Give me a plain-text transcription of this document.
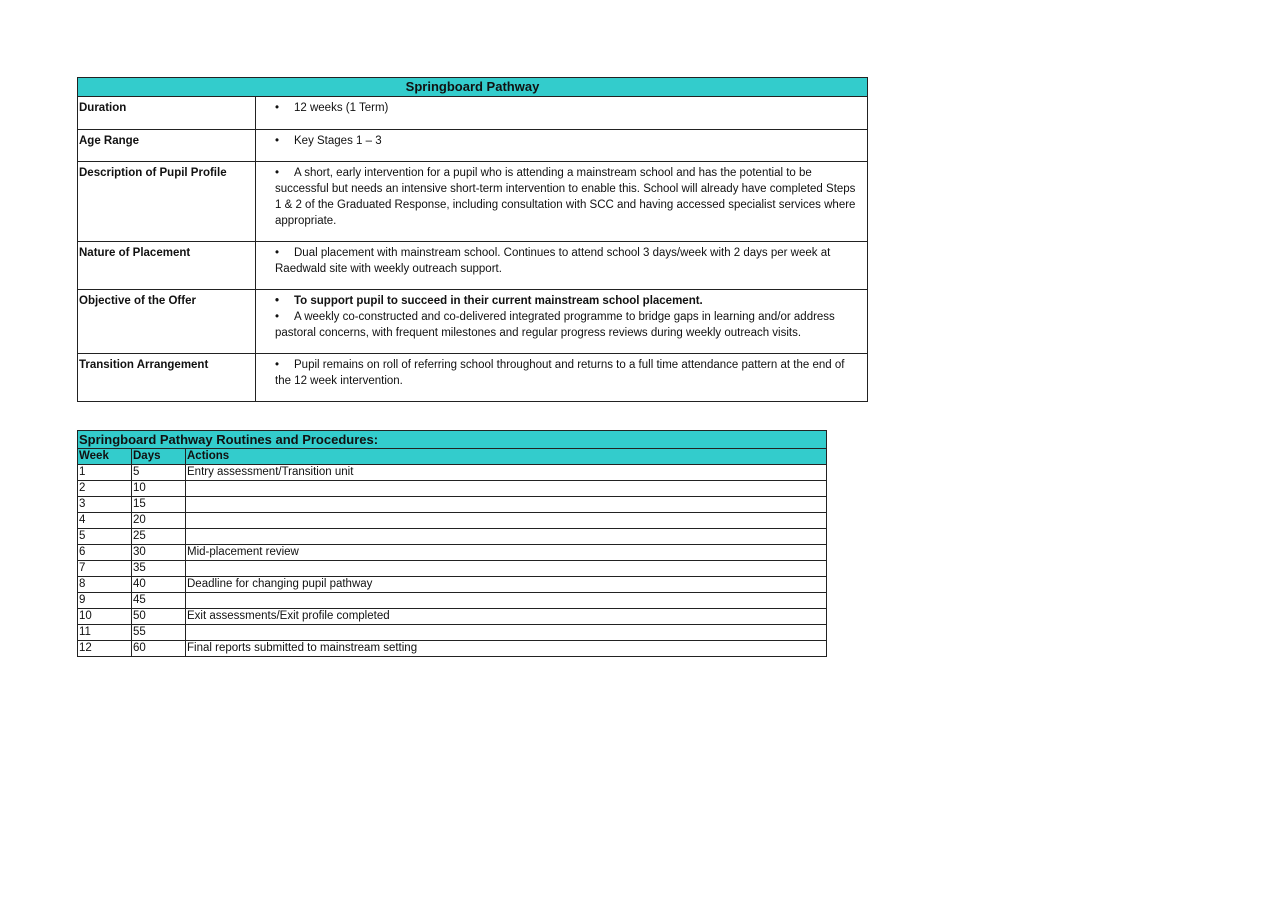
Springboard Pathway	
Duration	• 12 weeks (1 Term)

Age Range	• Key Stages 1 – 3

Description of Pupil Profile	• A short, early intervention for a pupil who is attending a mainstream school and has the potential to be successful but needs an intensive short-term intervention to enable this. School will already have completed Steps 1 & 2 of the Graduated Response, including consultation with SCC and having accessed specialist services where appropriate.

Nature of Placement	• Dual placement with mainstream school. Continues to attend school 3 days/week with 2 days per week at Raedwald site with weekly outreach support.

Objective of the Offer	• To support pupil to succeed in their current mainstream school placement.
• A weekly co-constructed and co-delivered integrated programme to bridge gaps in learning and/or address pastoral concerns, with frequent milestones and regular progress reviews during weekly outreach visits.

Transition Arrangement	• Pupil remains on roll of referring school throughout and returns to a full time attendance pattern at the end of the 12 week intervention.
Springboard Pathway Routines and Procedures:		
Week	Days	Actions
1	5	Entry assessment/Transition unit
2	10	
3	15	
4	20	
5	25	
6	30	Mid-placement review
7	35	
8	40	Deadline for changing pupil pathway
9	45	
10	50	Exit assessments/Exit profile completed
11	55	
12	60	Final reports submitted to mainstream setting
